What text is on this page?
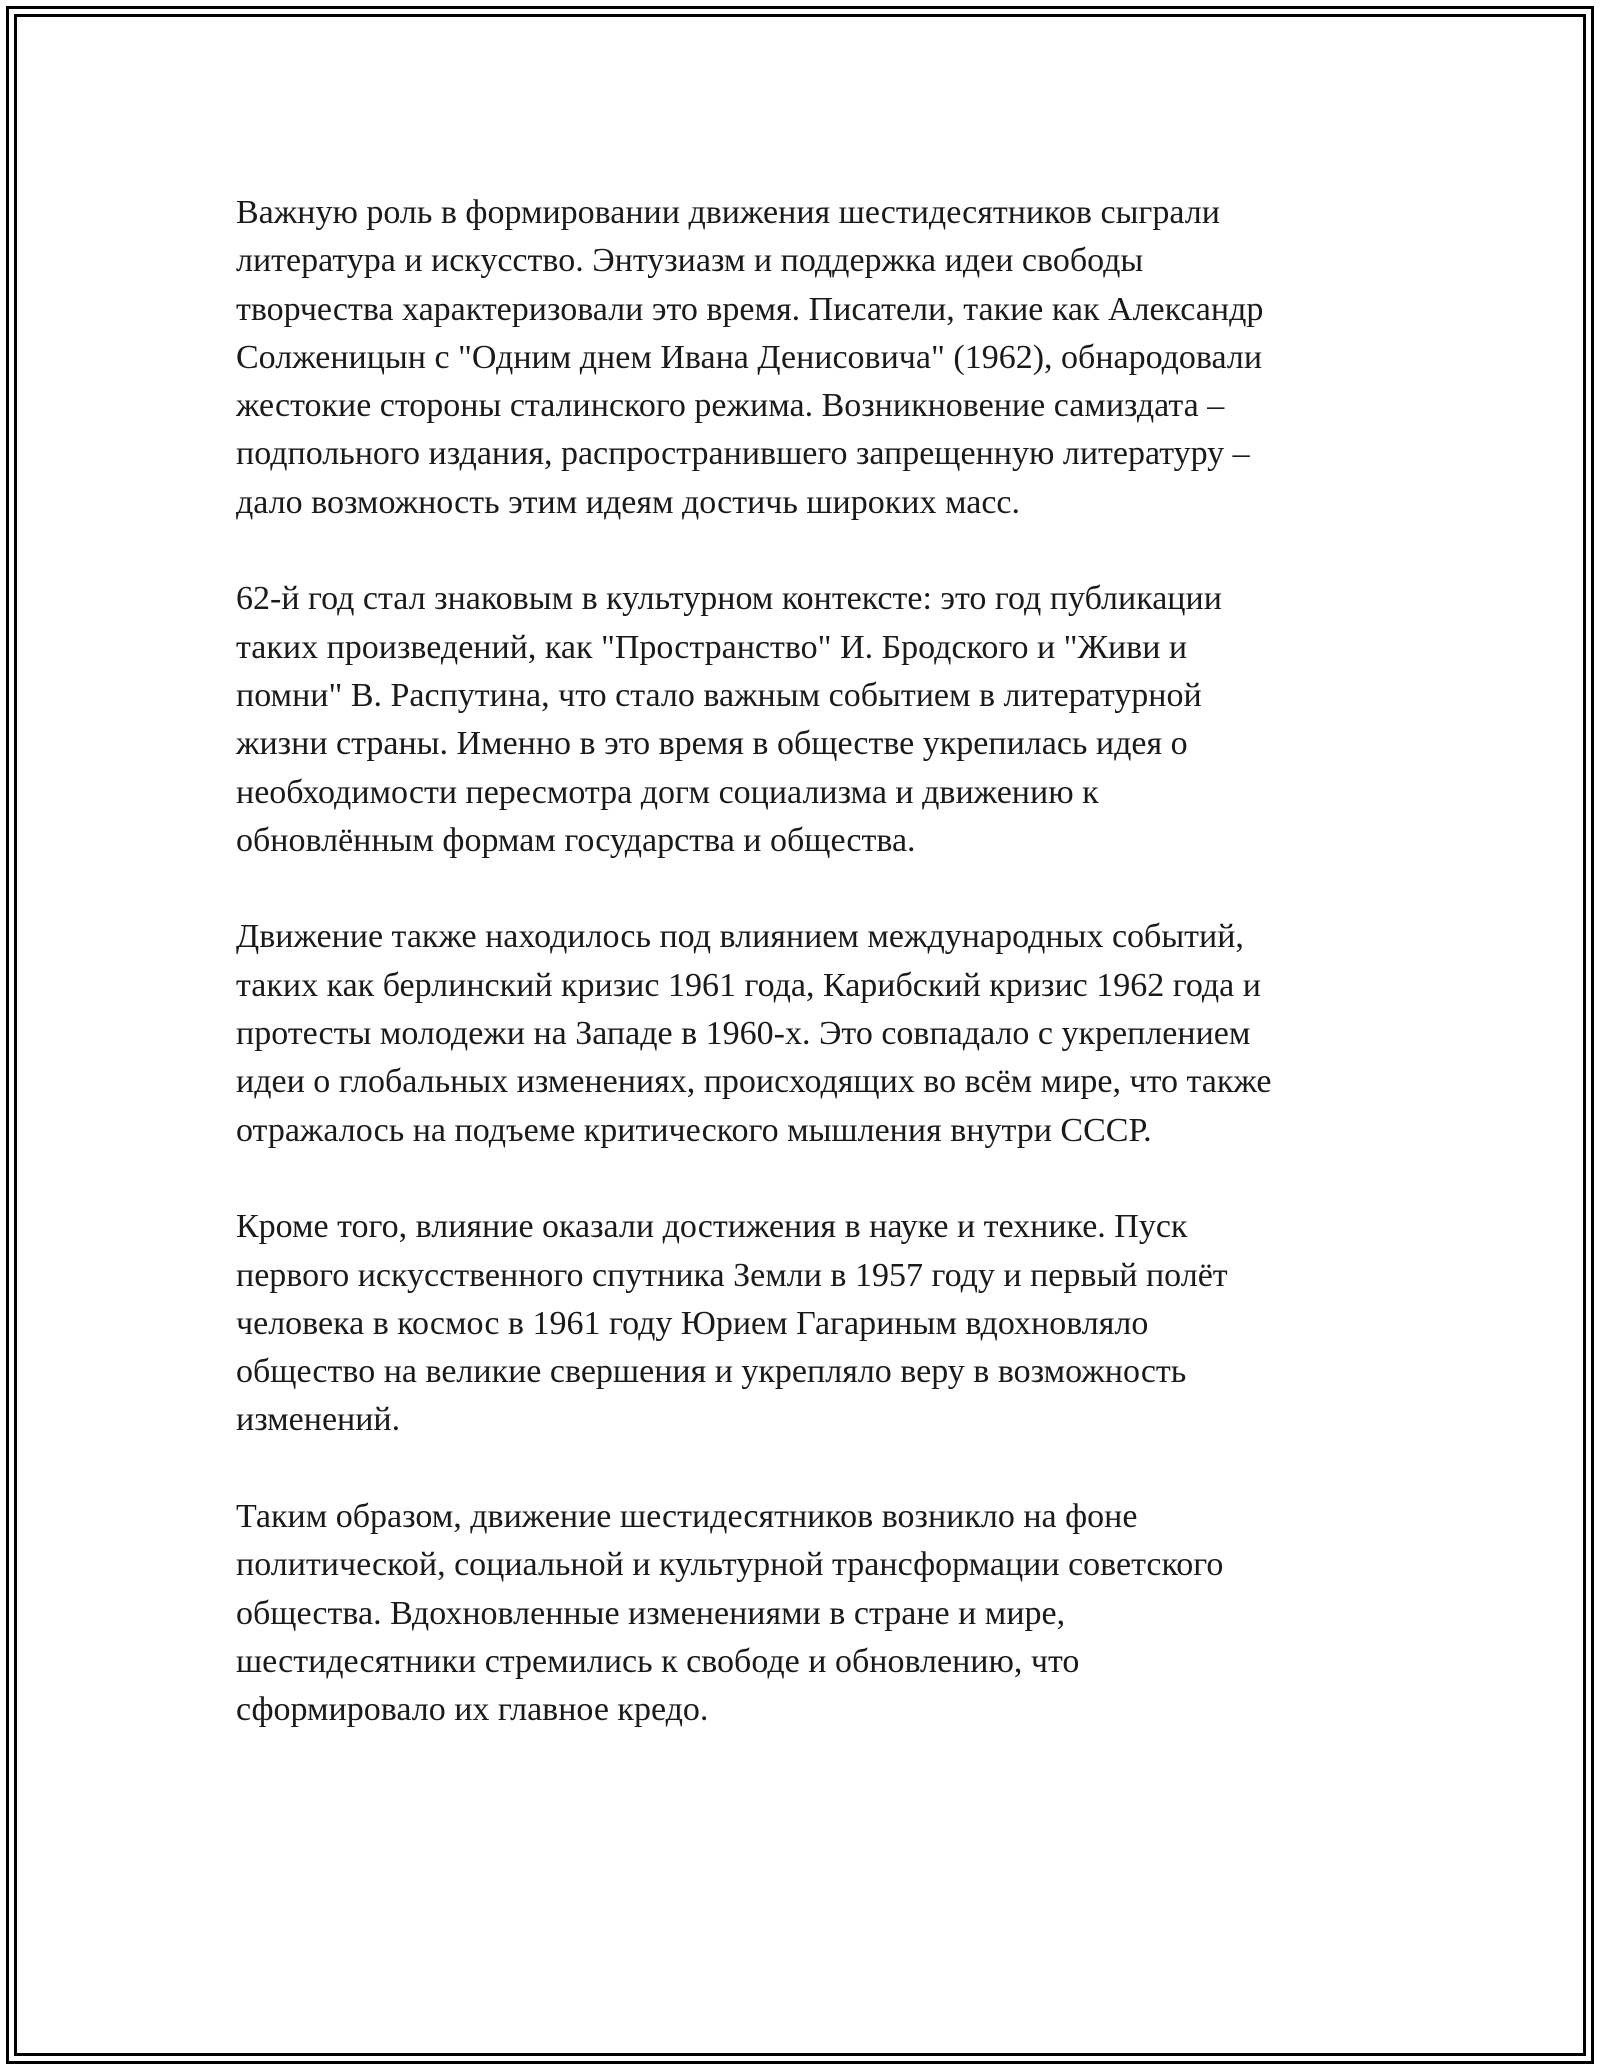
Важную роль в формировании движения шестидесятников сыграли
литература и искусство. Энтузиазм и поддержка идеи свободы
творчества характеризовали это время. Писатели, такие как Александр
Солженицын с "Одним днем Ивана Денисовича" (1962), обнародовали
жестокие стороны сталинского режима. Возникновение самиздата –
подпольного издания, распространившего запрещенную литературу –
дало возможность этим идеям достичь широких масс.

62-й год стал знаковым в культурном контексте: это год публикации
таких произведений, как "Пространство" И. Бродского и "Живи и
помни" В. Распутина, что стало важным событием в литературной
жизни страны. Именно в это время в обществе укрепилась идея о
необходимости пересмотра догм социализма и движению к
обновлённым формам государства и общества.

Движение также находилось под влиянием международных событий,
таких как берлинский кризис 1961 года, Карибский кризис 1962 года и
протесты молодежи на Западе в 1960-х. Это совпадало с укреплением
идеи о глобальных изменениях, происходящих во всём мире, что также
отражалось на подъеме критического мышления внутри СССР.

Кроме того, влияние оказали достижения в науке и технике. Пуск
первого искусственного спутника Земли в 1957 году и первый полёт
человека в космос в 1961 году Юрием Гагариным вдохновляло
общество на великие свершения и укрепляло веру в возможность
изменений.

Таким образом, движение шестидесятников возникло на фоне
политической, социальной и культурной трансформации советского
общества. Вдохновленные изменениями в стране и мире,
шестидесятники стремились к свободе и обновлению, что
сформировало их главное кредо.
